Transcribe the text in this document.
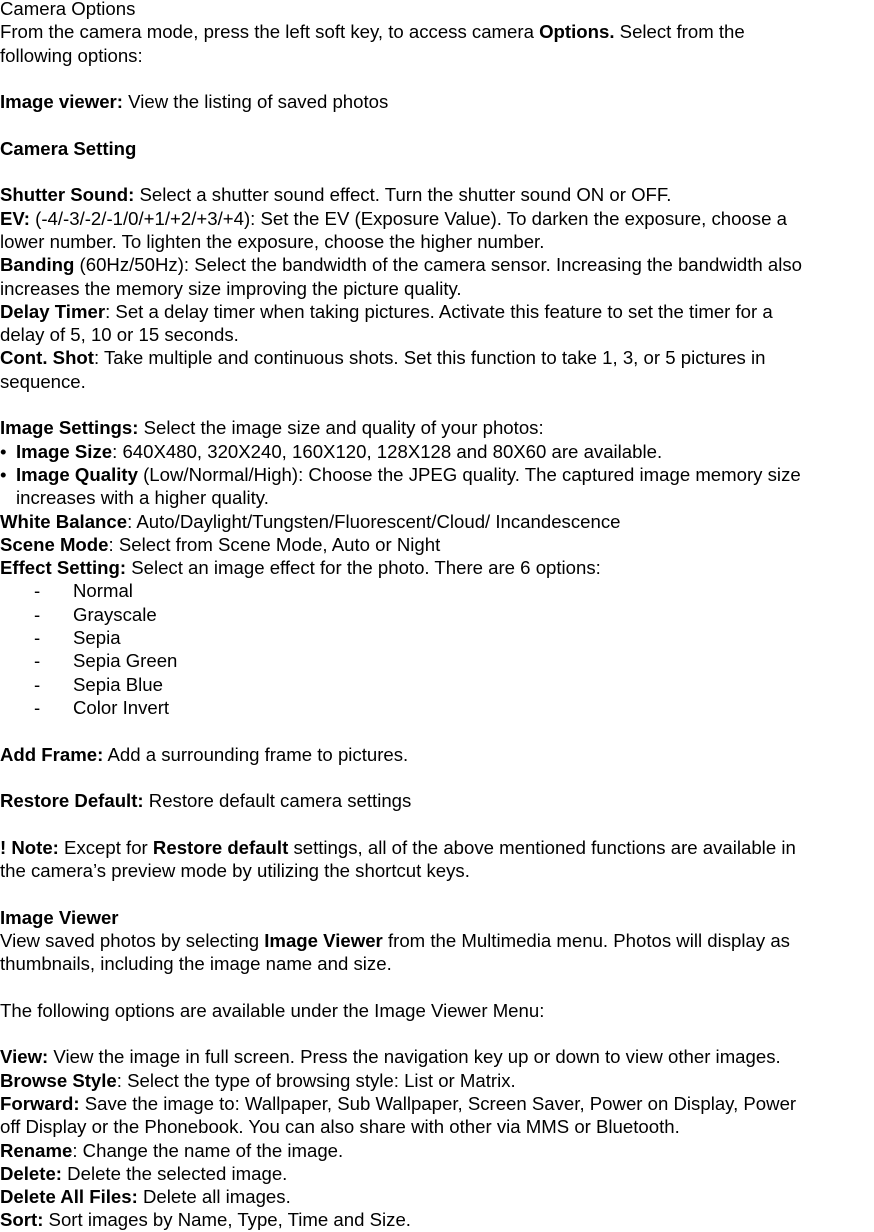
Camera Options
From the camera mode, press the left soft key, to access camera Options. Select from the
following options:
Image viewer: View the listing of saved photos
Camera Setting
Shutter Sound: Select a shutter sound effect. Turn the shutter sound ON or OFF.
EV: (-4/-3/-2/-1/0/+1/+2/+3/+4): Set the EV (Exposure Value). To darken the exposure, choose a
lower number. To lighten the exposure, choose the higher number.
Banding (60Hz/50Hz): Select the bandwidth of the camera sensor. Increasing the bandwidth also
increases the memory size improving the picture quality.
Delay Timer: Set a delay timer when taking pictures. Activate this feature to set the timer for a
delay of 5, 10 or 15 seconds.
Cont. Shot: Take multiple and continuous shots. Set this function to take 1, 3, or 5 pictures in
sequence.
Image Settings: Select the image size and quality of your photos:
• Image Size: 640X480, 320X240, 160X120, 128X128 and 80X60 are available.
• Image Quality (Low/Normal/High): Choose the JPEG quality. The captured image memory size
increases with a higher quality.
White Balance: Auto/Daylight/Tungsten/Fluorescent/Cloud/ Incandescence
Scene Mode: Select from Scene Mode, Auto or Night
Effect Setting: Select an image effect for the photo. There are 6 options:
- Normal
- Grayscale
- Sepia
- Sepia Green
- Sepia Blue
- Color Invert
Add Frame: Add a surrounding frame to pictures.
Restore Default: Restore default camera settings
! Note: Except for Restore default settings, all of the above mentioned functions are available in
the camera’s preview mode by utilizing the shortcut keys.
Image Viewer
View saved photos by selecting Image Viewer from the Multimedia menu. Photos will display as
thumbnails, including the image name and size.
The following options are available under the Image Viewer Menu:
View: View the image in full screen. Press the navigation key up or down to view other images.
Browse Style: Select the type of browsing style: List or Matrix.
Forward: Save the image to: Wallpaper, Sub Wallpaper, Screen Saver, Power on Display, Power
off Display or the Phonebook. You can also share with other via MMS or Bluetooth.
Rename: Change the name of the image.
Delete: Delete the selected image.
Delete All Files: Delete all images.
Sort: Sort images by Name, Type, Time and Size.
